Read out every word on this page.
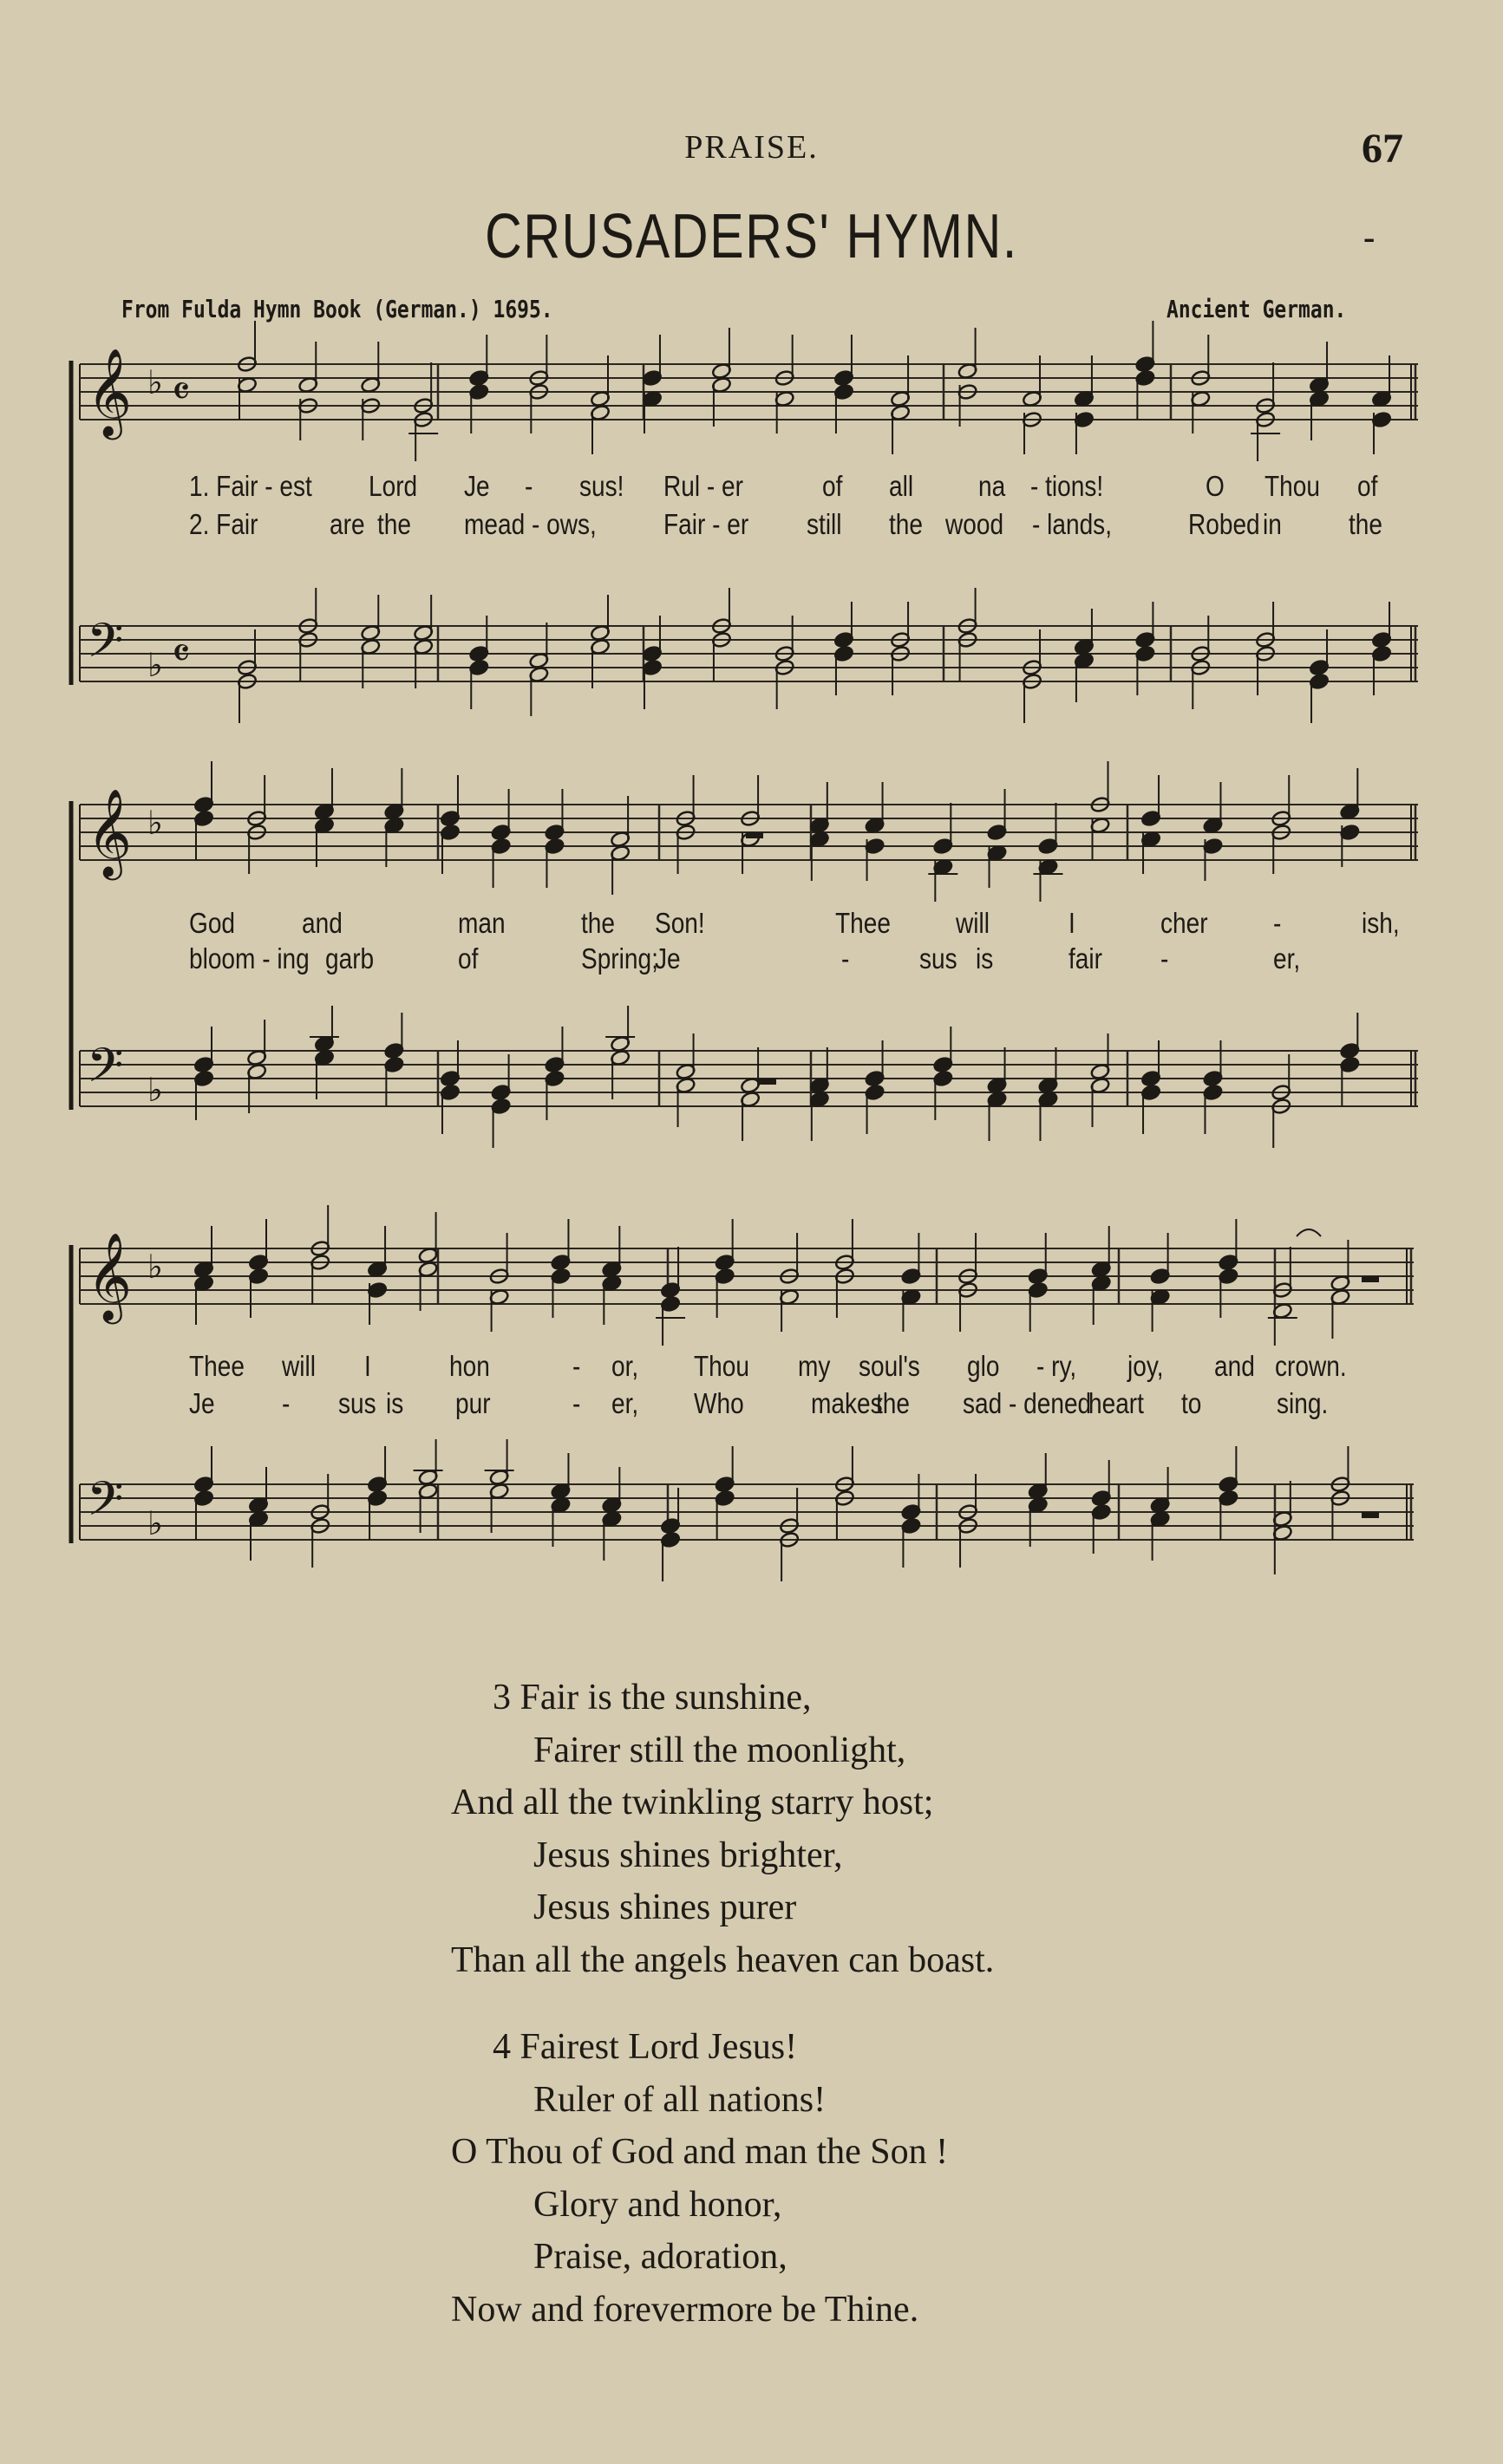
PRAISE.	67
CRUSADERS' HYMN.	-
From Fulda Hymn Book (German.) 1695.	Ancient German.
𝄞
𝄢
♭
♭
𝄴
𝄴
𝄞
𝄢
♭
♭
𝄞
𝄢
♭
♭
1. Fair - est Lord Je - sus! Rul - er	of all na - tions!	O Thou of
2. Fair are the mead - ows, Fair - er still the wood - lands,	Robed in the
God and	man	the Son!	Thee will	I	cher -	ish,
bloom - ing garb	of	Spring;
Je	- sus is	fair -	er,
Thee will I	hon	- or, Thou my soul's glo - ry, joy, and crown.
Je - sus is pur	- er, Who makes
the sad - dened
heart to	sing.
3 Fair is the sunshine,
Fairer still the moonlight,
And all the twinkling starry host;
Jesus shines brighter,
Jesus shines purer
Than all the angels heaven can boast.
4 Fairest Lord Jesus!
Ruler of all nations!
O Thou of God and man the Son !
Glory and honor,
Praise, adoration,
Now and forevermore be Thine.
